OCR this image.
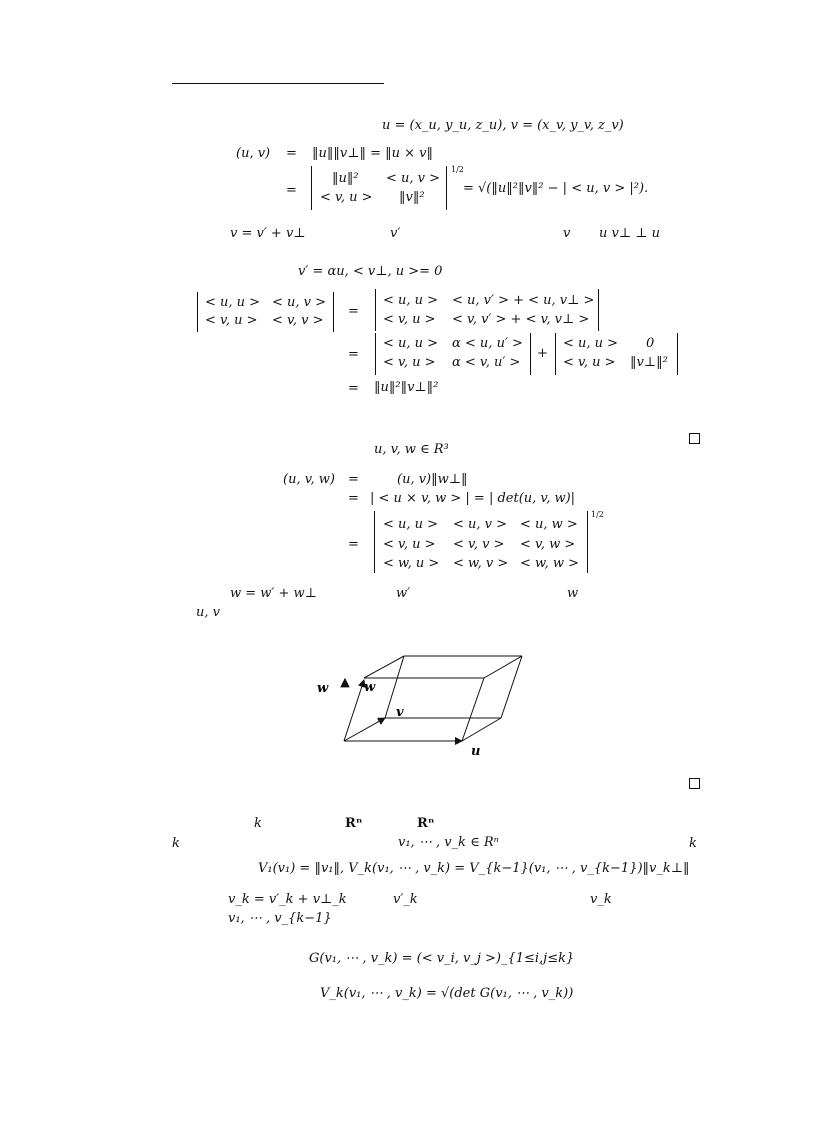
u = (x_u, y_u, z_u), v = (x_v, y_v, z_v)
(u, v) = ‖u‖‖v⊥‖ = ‖u × v‖
=
‖u‖² < u, v >
< v, u > ‖v‖²
1/2
= √(‖u‖²‖v‖² − | < u, v > |²).
v = v′ + v⊥	v′	v u v⊥ ⊥ u
v′ = αu, < v⊥, u >= 0
< u, u > < u, v >
< v, u > < v, v >
=
< u, u > < u, v′ > + < u, v⊥ >
< v, u > < v, v′ > + < v, v⊥ >
=
< u, u > α < u, u′ >
< v, u > α < v, u′ >
+
< u, u > 0
< v, u > ‖v⊥‖²
= ‖u‖²‖v⊥‖²
u, v, w ∈ R³
(u, v, w) =	(u, v)‖w⊥‖
= | < u × v, w > | = | det(u, v, w)|
=
< u, u > < u, v > < u, w >
< v, u > < v, v > < v, w >
< w, u > < w, v > < w, w >
1/2
w = w′ + w⊥	w′	w
u, v
w	w
v
u
k	Rⁿ	Rⁿ
k	v₁, ⋯ , v_k ∈ Rⁿ	k
V₁(v₁) = ‖v₁‖, V_k(v₁, ⋯ , v_k) = V_{k−1}(v₁, ⋯ , v_{k−1})‖v_k⊥‖
v_k = v′_k + v⊥_k	v′_k	v_k
v₁, ⋯ , v_{k−1}
G(v₁, ⋯ , v_k) = (< v_i, v_j >)_{1≤i,j≤k}
V_k(v₁, ⋯ , v_k) = √(det G(v₁, ⋯ , v_k))
